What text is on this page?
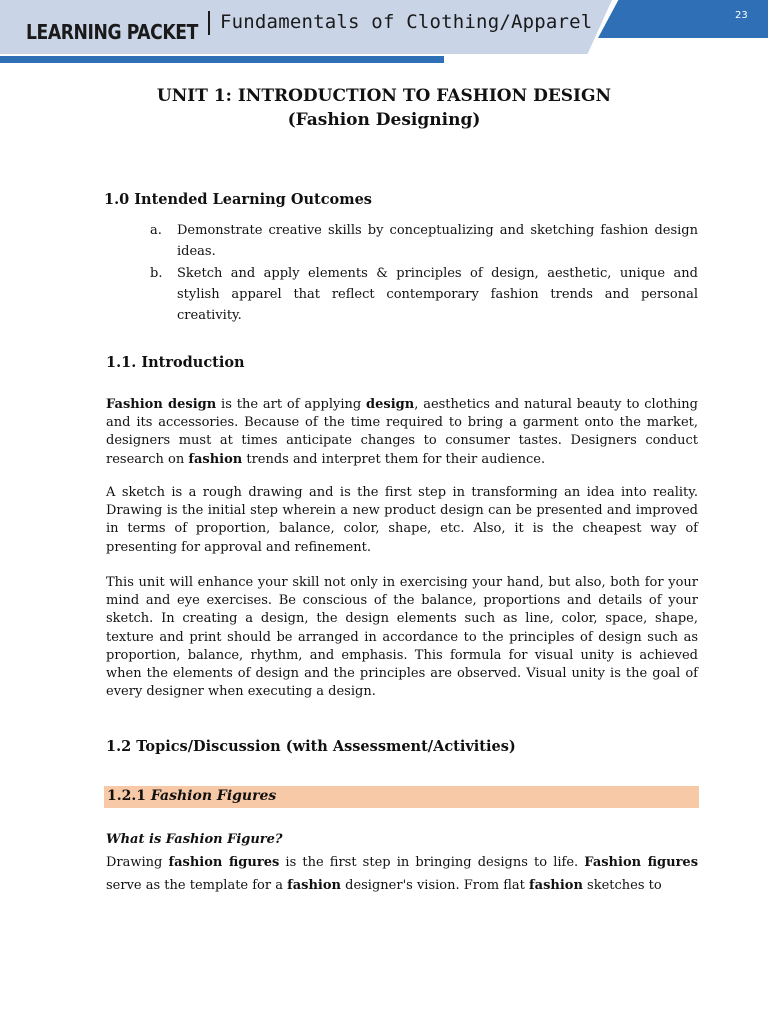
LEARNING PACKET Fundamentals of Clothing/Apparel	23
UNIT 1: INTRODUCTION TO FASHION DESIGN
(Fashion Designing)
1.0 Intended Learning Outcomes
a. Demonstrate creative skills by conceptualizing and sketching fashion design ideas.
b. Sketch and apply elements & principles of design, aesthetic, unique and stylish apparel that reflect contemporary fashion trends and personal creativity.
1.1. Introduction
Fashion design is the art of applying design, aesthetics and natural beauty to clothing and its accessories. Because of the time required to bring a garment onto the market, designers must at times anticipate changes to consumer tastes. Designers conduct research on fashion trends and interpret them for their audience.
A sketch is a rough drawing and is the first step in transforming an idea into reality. Drawing is the initial step wherein a new product design can be presented and improved in terms of proportion, balance, color, shape, etc. Also, it is the cheapest way of presenting for approval and refinement.
This unit will enhance your skill not only in exercising your hand, but also, both for your mind and eye exercises. Be conscious of the balance, proportions and details of your sketch. In creating a design, the design elements such as line, color, space, shape, texture and print should be arranged in accordance to the principles of design such as proportion, balance, rhythm, and emphasis. This formula for visual unity is achieved when the elements of design and the principles are observed. Visual unity is the goal of every designer when executing a design.
1.2 Topics/Discussion (with Assessment/Activities)
1.2.1 Fashion Figures
What is Fashion Figure?
Drawing fashion figures is the first step in bringing designs to life. Fashion figures serve as the template for a fashion designer's vision. From flat fashion sketches to
